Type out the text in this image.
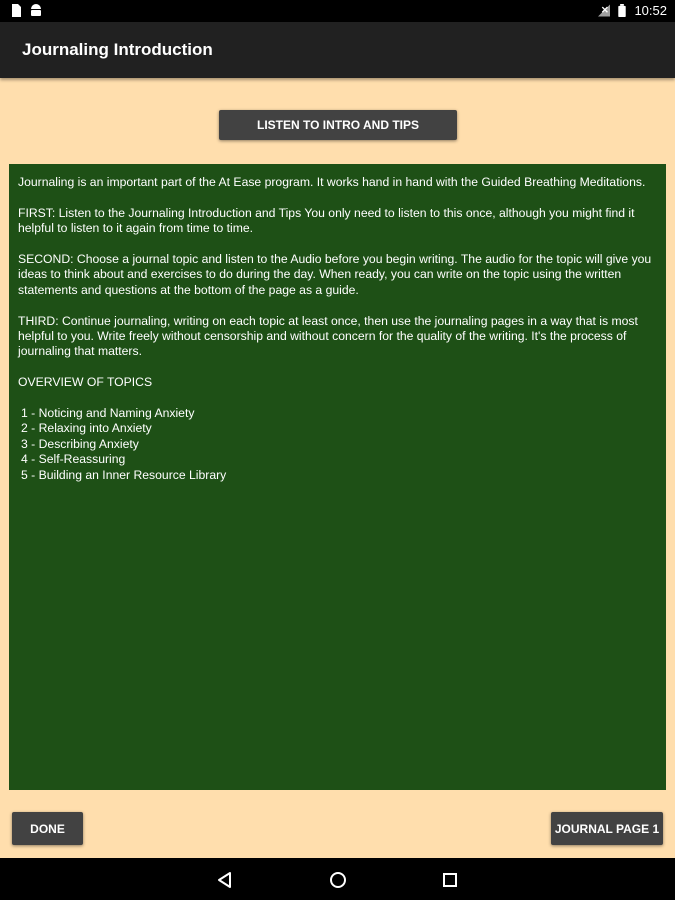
10:52
Journaling Introduction
LISTEN TO INTRO AND TIPS

Journaling is an important part of the At Ease program. It works hand in hand with the Guided Breathing Meditations.

FIRST: Listen to the Journaling Introduction and Tips You only need to listen to this once, although you might find it helpful to listen to it again from time to time.

SECOND: Choose a journal topic and listen to the Audio before you begin writing. The audio for the topic will give you ideas to think about and exercises to do during the day. When ready, you can write on the topic using the written statements and questions at the bottom of the page as a guide.

THIRD: Continue journaling, writing on each topic at least once, then use the journaling pages in a way that is most helpful to you. Write freely without censorship and without concern for the quality of the writing. It's the process of journaling that matters.

OVERVIEW OF TOPICS

1 - Noticing and Naming Anxiety
2 - Relaxing into Anxiety
3 - Describing Anxiety
4 - Self-Reassuring
5 - Building an Inner Resource Library
DONE	JOURNAL PAGE 1
